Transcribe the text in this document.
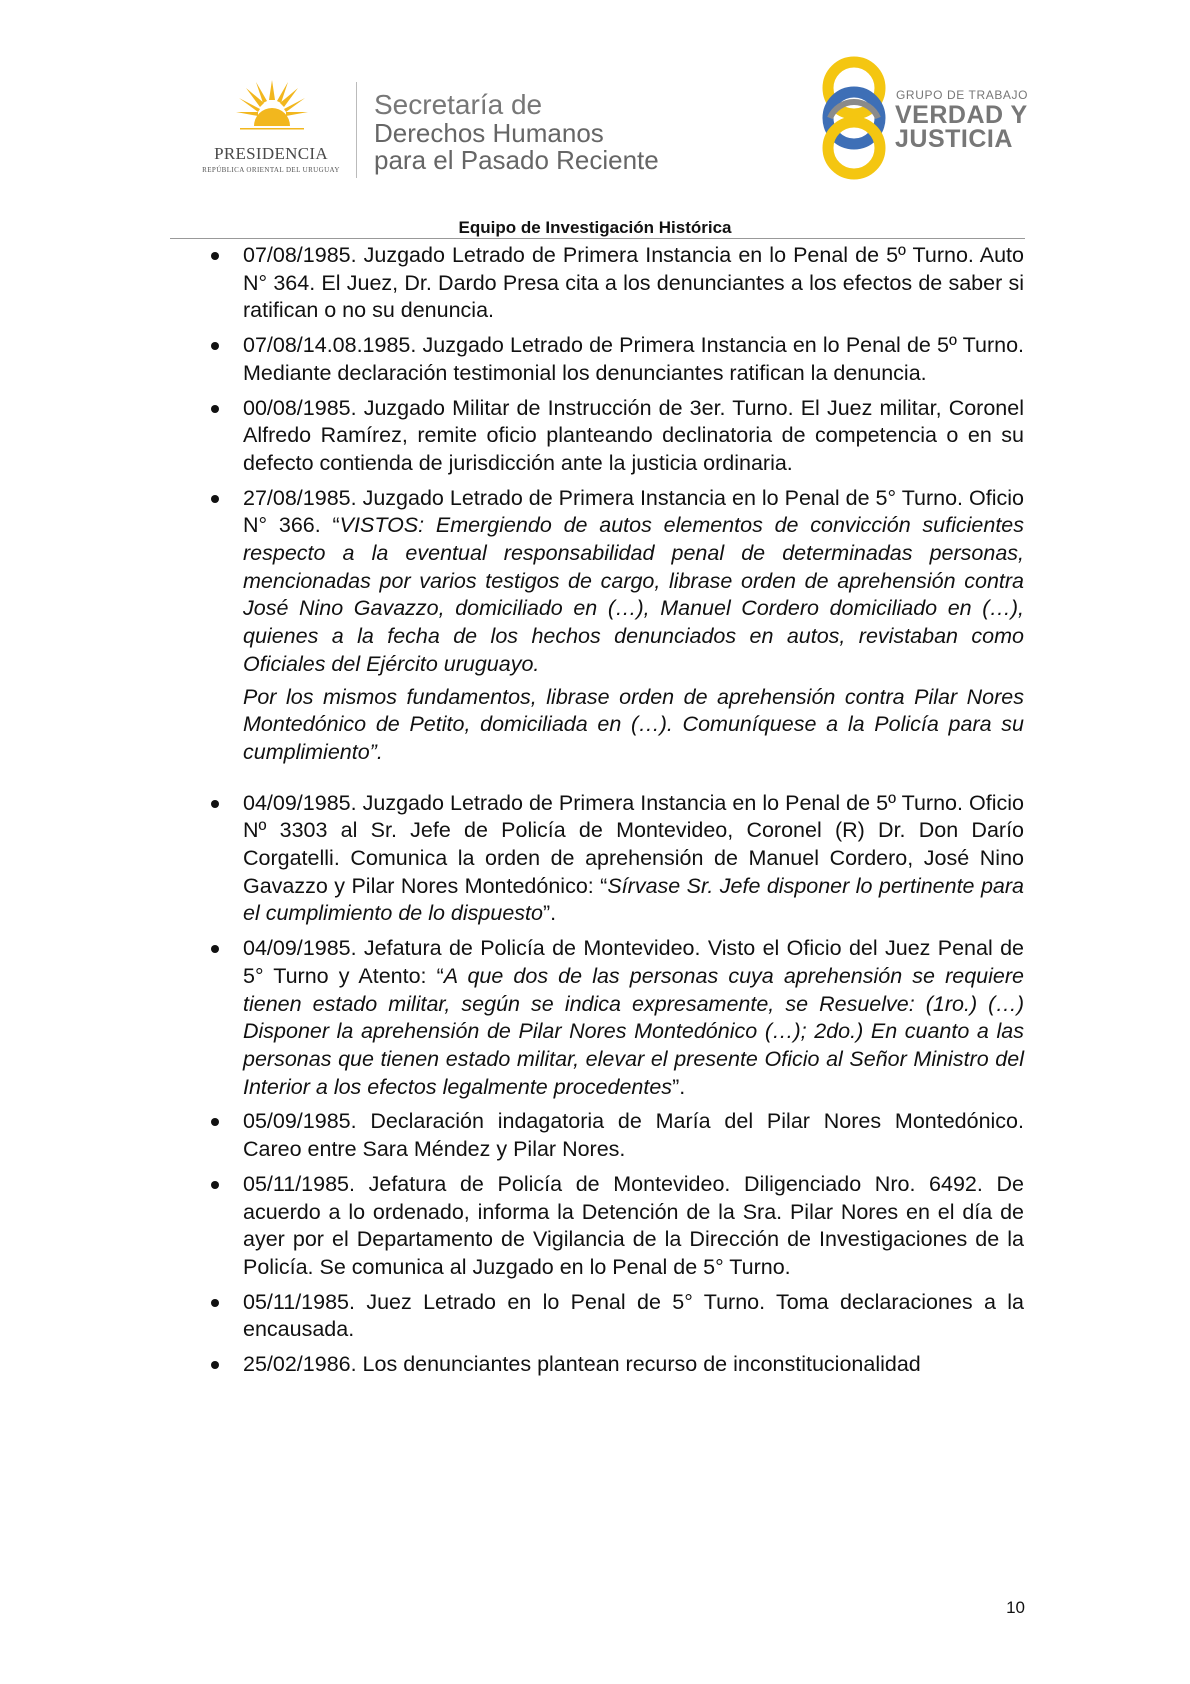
PRESIDENCIA
REPÚBLICA ORIENTAL DEL URUGUAY
Secretaría de
Derechos Humanos
para el Pasado Reciente
GRUPO DE TRABAJO
VERDAD Y
JUSTICIA
Equipo de Investigación Histórica

07/08/1985. Juzgado Letrado de Primera Instancia en lo Penal de 5º Turno. Auto N° 364. El Juez, Dr. Dardo Presa cita a los denunciantes a los efectos de saber si ratifican o no su denuncia.

07/08/14.08.1985. Juzgado Letrado de Primera Instancia en lo Penal de 5º Turno. Mediante declaración testimonial los denunciantes ratifican la denuncia.

00/08/1985. Juzgado Militar de Instrucción de 3er. Turno. El Juez militar, Coronel Alfredo Ramírez, remite oficio planteando declinatoria de competencia o en su defecto contienda de jurisdicción ante la justicia ordinaria.

27/08/1985. Juzgado Letrado de Primera Instancia en lo Penal de 5° Turno. Oficio N° 366. “VISTOS: Emergiendo de autos elementos de convicción suficientes respecto a la eventual responsabilidad penal de determinadas personas, mencionadas por varios testigos de cargo, librase orden de aprehensión contra José Nino Gavazzo, domiciliado en (…), Manuel Cordero domiciliado en (…), quienes a la fecha de los hechos denunciados en autos, revistaban como Oficiales del Ejército uruguayo.

Por los mismos fundamentos, librase orden de aprehensión contra Pilar Nores Montedónico de Petito, domiciliada en (…). Comuníquese a la Policía para su cumplimiento”.

04/09/1985. Juzgado Letrado de Primera Instancia en lo Penal de 5º Turno. Oficio Nº 3303 al Sr. Jefe de Policía de Montevideo, Coronel (R) Dr. Don Darío Corgatelli. Comunica la orden de aprehensión de Manuel Cordero, José Nino Gavazzo y Pilar Nores Montedónico: “Sírvase Sr. Jefe disponer lo pertinente para el cumplimiento de lo dispuesto”.

04/09/1985. Jefatura de Policía de Montevideo. Visto el Oficio del Juez Penal de 5° Turno y Atento: “A que dos de las personas cuya aprehensión se requiere tienen estado militar, según se indica expresamente, se Resuelve: (1ro.) (…) Disponer la aprehensión de Pilar Nores Montedónico (…); 2do.) En cuanto a las personas que tienen estado militar, elevar el presente Oficio al Señor Ministro del Interior a los efectos legalmente procedentes”.

05/09/1985. Declaración indagatoria de María del Pilar Nores Montedónico. Careo entre Sara Méndez y Pilar Nores.

05/11/1985. Jefatura de Policía de Montevideo. Diligenciado Nro. 6492. De acuerdo a lo ordenado, informa la Detención de la Sra. Pilar Nores en el día de ayer por el Departamento de Vigilancia de la Dirección de Investigaciones de la Policía. Se comunica al Juzgado en lo Penal de 5° Turno.

05/11/1985. Juez Letrado en lo Penal de 5° Turno. Toma declaraciones a la encausada.

25/02/1986. Los denunciantes plantean recurso de inconstitucionalidad

10
